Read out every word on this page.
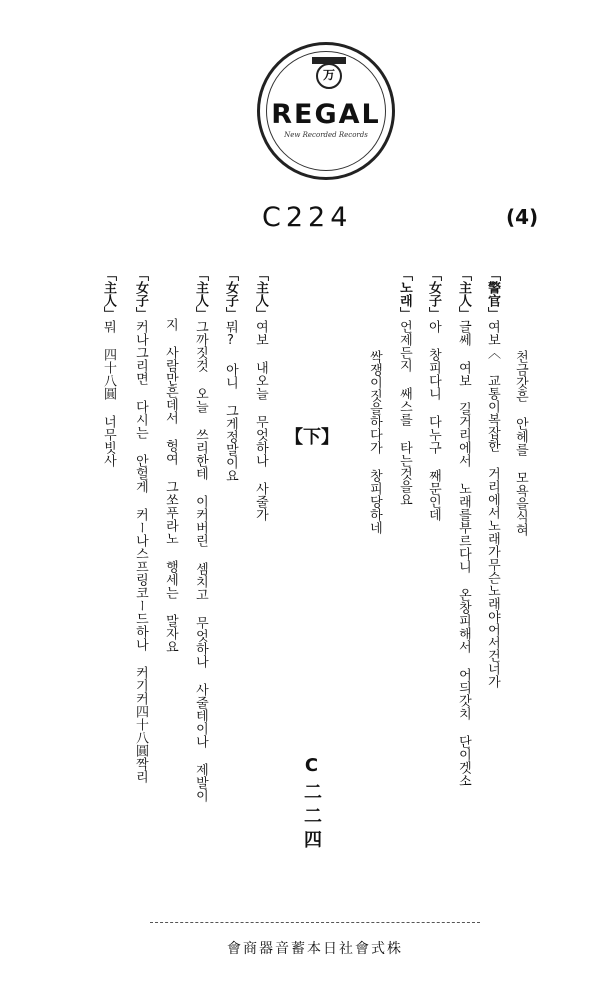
万
REGAL
New Recorded Records
C224	(4)
천금갓흔 안헤를 모욕을식혀
「警官」여보〈 교통이복잡한 거리에서노래가무슨노래야어서건너가
「主人」글쎄 여보 길거리에서 노래를부르다니 온창피해서 어듸갓치 단이겟소
「女子」아 창피다니 다누구 째문인데
「노래」언제든지 쌔스를 타는것을요
싹쟁이짓을하다가 창피당하네
【下】
C二二四
「主人」여보 내오늘 무엇하나 사줄가
「女子」뭐? 아니 그게정말이요
「主人」그까짓것 오늘 쓰리한테 이커버린 셈치고 무엇하나 사줄테이나 제발이
지 사람만흔데서 헝여 그쏘푸라노 행세는 말자요
「女子」커나그리면 다시는 안헐게 커ー나스프링코ー드하나 커기커四十八圓짝리
「主人」뭐 四十八圓 너무빗사
株式會社日本蓄音器商會
